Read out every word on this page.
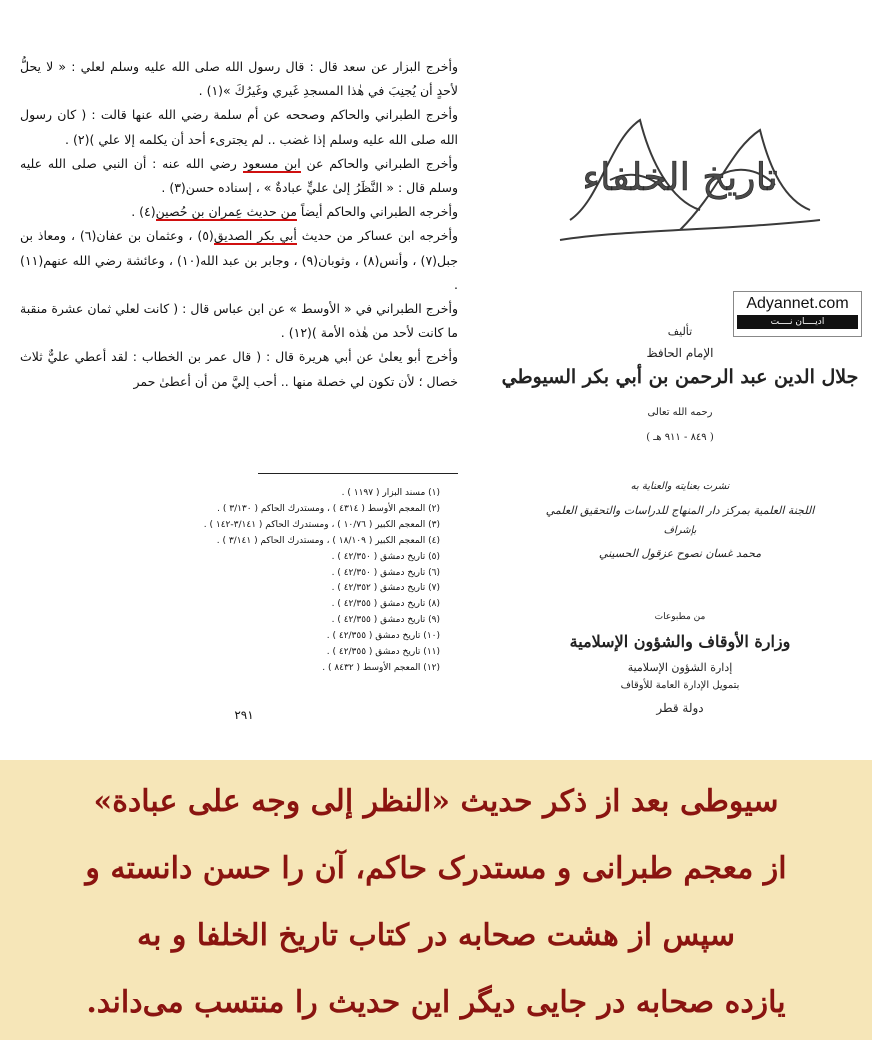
وأخرج البزار عن سعد قال : قال رسول الله صلى الله عليه وسلم لعلي : « لا يحلُّ لأحدٍ أن يُجنِبَ في هٰذا المسجدِ غَيري وغَيرُكَ »(١) .

وأخرج الطبراني والحاكم وصححه عن أم سلمة رضي الله عنها قالت : ( كان رسول الله صلى الله عليه وسلم إذا غضب .. لم يجترىء أحد أن يكلمه إلا علي )(٢) .

وأخرج الطبراني والحاكم عن ابن مسعود رضي الله عنه : أن النبي صلى الله عليه وسلم قال : « النَّظَرُ إلىٰ عليٍّ عبادةٌ » ، إسناده حسن(٣) .

وأخرجه الطبراني والحاكم أيضاً من حديث عِمران بن حُصين(٤) .

وأخرجه ابن عساكر من حديث أبي بكر الصديق(٥) ، وعثمان بن عفان(٦) ، ومعاذ بن جبل(٧) ، وأنس(٨) ، وثوبان(٩) ، وجابر بن عبد الله(١٠) ، وعائشة رضي الله عنهم(١١) .

وأخرج الطبراني في « الأوسط » عن ابن عباس قال : ( كانت لعلي ثمان عشرة منقبة ما كانت لأحد من هٰذه الأمة )(١٢) .

وأخرج أبو يعلىٰ عن أبي هريرة قال : ( قال عمر بن الخطاب : لقد أعطي عليٌّ ثلاث خصال ؛ لأن تكون لي خصلة منها .. أحب إليَّ من أن أعطىٰ حمر

(١) مسند البزار ( ١١٩٧ ) .
(٢) المعجم الأوسط ( ٤٣١٤ ) ، ومستدرك الحاكم ( ٣/١٣٠ ) .
(٣) المعجم الكبير ( ١٠/٧٦ ) ، ومستدرك الحاكم ( ٣/١٤١-١٤٢ ) .
(٤) المعجم الكبير ( ١٨/١٠٩ ) ، ومستدرك الحاكم ( ٣/١٤١ ) .
(٥) تاريخ دمشق ( ٤٢/٣٥٠ ) .
(٦) تاريخ دمشق ( ٤٢/٣٥٠ ) .
(٧) تاريخ دمشق ( ٤٢/٣٥٢ ) .
(٨) تاريخ دمشق ( ٤٢/٣٥٥ ) .
(٩) تاريخ دمشق ( ٤٢/٣٥٥ ) .
(١٠) تاريخ دمشق ( ٤٢/٣٥٥ ) .
(١١) تاريخ دمشق ( ٤٢/٣٥٥ ) .
(١٢) المعجم الأوسط ( ٨٤٣٢ ) .
٢٩١
تاريخ الخلفاء
Adyannet.com
ادیــــان نــــت
تأليف
الإمام الحافظ
جلال الدين عبد الرحمن بن أبي بكر السيوطي
رحمه الله تعالى
( ٨٤٩ - ٩١١ هـ )
نشرت بعنايته والعناية به
اللجنة العلمية بمركز دار المنهاج للدراسات والتحقيق العلمي
بإشراف
محمد غسان نصوح عزقول الحسيني
من مطبوعات
وزارة الأوقاف والشؤون الإسلامية
إدارة الشؤون الإسلامية
بتمويل الإدارة العامة للأوقاف
دولة قطر
سیوطی بعد از ذکر حدیث «النظر إلی وجه علی عبادة»
از معجم طبرانی و مستدرک حاکم، آن را حسن دانسته و
سپس از هشت صحابه در کتاب تاریخ الخلفا و به
یازده صحابه در جایی دیگر این حدیث را منتسب می‌داند.
